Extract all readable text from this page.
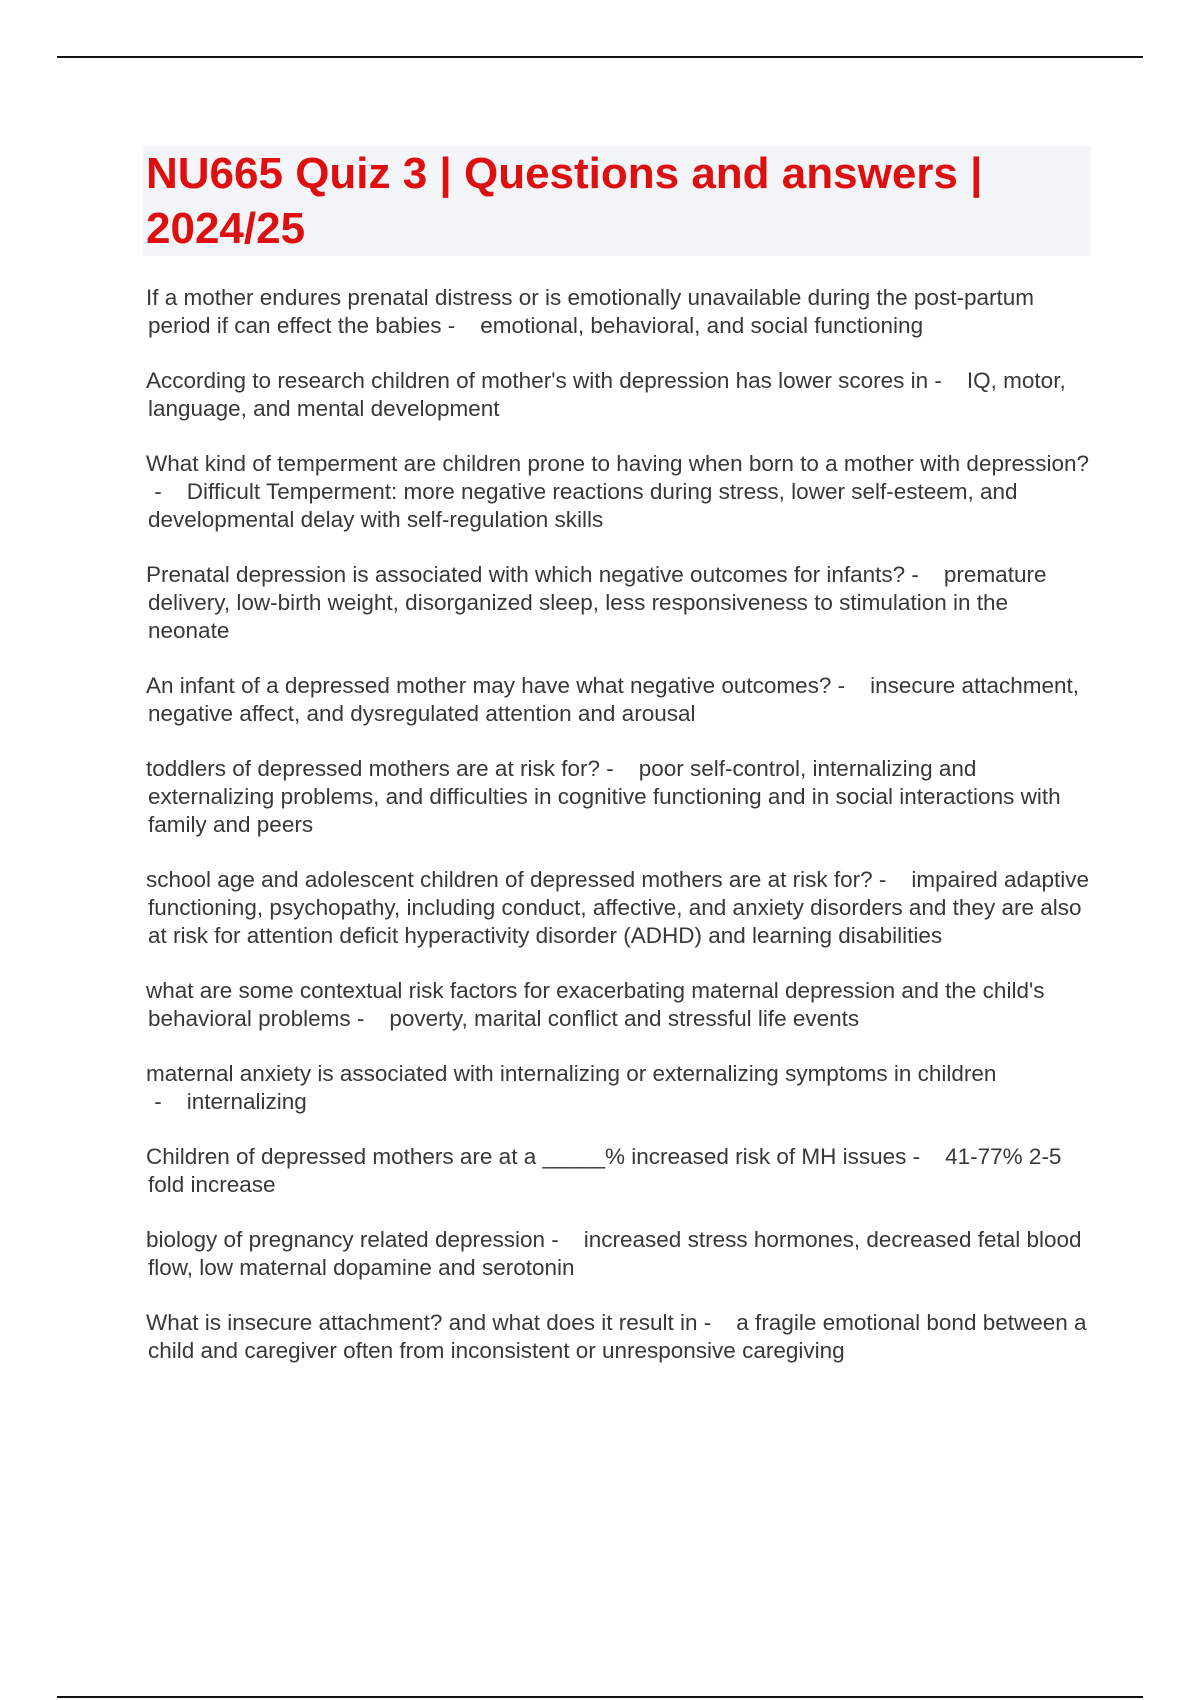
NU665 Quiz 3 | Questions and answers | 2024/25

If a mother endures prenatal distress or is emotionally unavailable during the post-partum period if can effect the babies -    emotional, behavioral, and social functioning

According to research children of mother's with depression has lower scores in -    IQ, motor, language, and mental development

What kind of temperment are children prone to having when born to a mother with depression? -    Difficult Temperment: more negative reactions during stress, lower self-esteem, and developmental delay with self-regulation skills

Prenatal depression is associated with which negative outcomes for infants? -    premature delivery, low-birth weight, disorganized sleep, less responsiveness to stimulation in the neonate

An infant of a depressed mother may have what negative outcomes? -    insecure attachment, negative affect, and dysregulated attention and arousal

toddlers of depressed mothers are at risk for? -    poor self-control, internalizing and externalizing problems, and difficulties in cognitive functioning and in social interactions with family and peers

school age and adolescent children of depressed mothers are at risk for? -    impaired adaptive functioning, psychopathy, including conduct, affective, and anxiety disorders and they are also at risk for attention deficit hyperactivity disorder (ADHD) and learning disabilities

what are some contextual risk factors for exacerbating maternal depression and the child's behavioral problems -    poverty, marital conflict and stressful life events

maternal anxiety is associated with internalizing or externalizing symptoms in children -    internalizing

Children of depressed mothers are at a _____% increased risk of MH issues -    41-77% 2-5 fold increase

biology of pregnancy related depression -    increased stress hormones, decreased fetal blood flow, low maternal dopamine and serotonin

What is insecure attachment? and what does it result in -    a fragile emotional bond between a child and caregiver often from inconsistent or unresponsive caregiving
